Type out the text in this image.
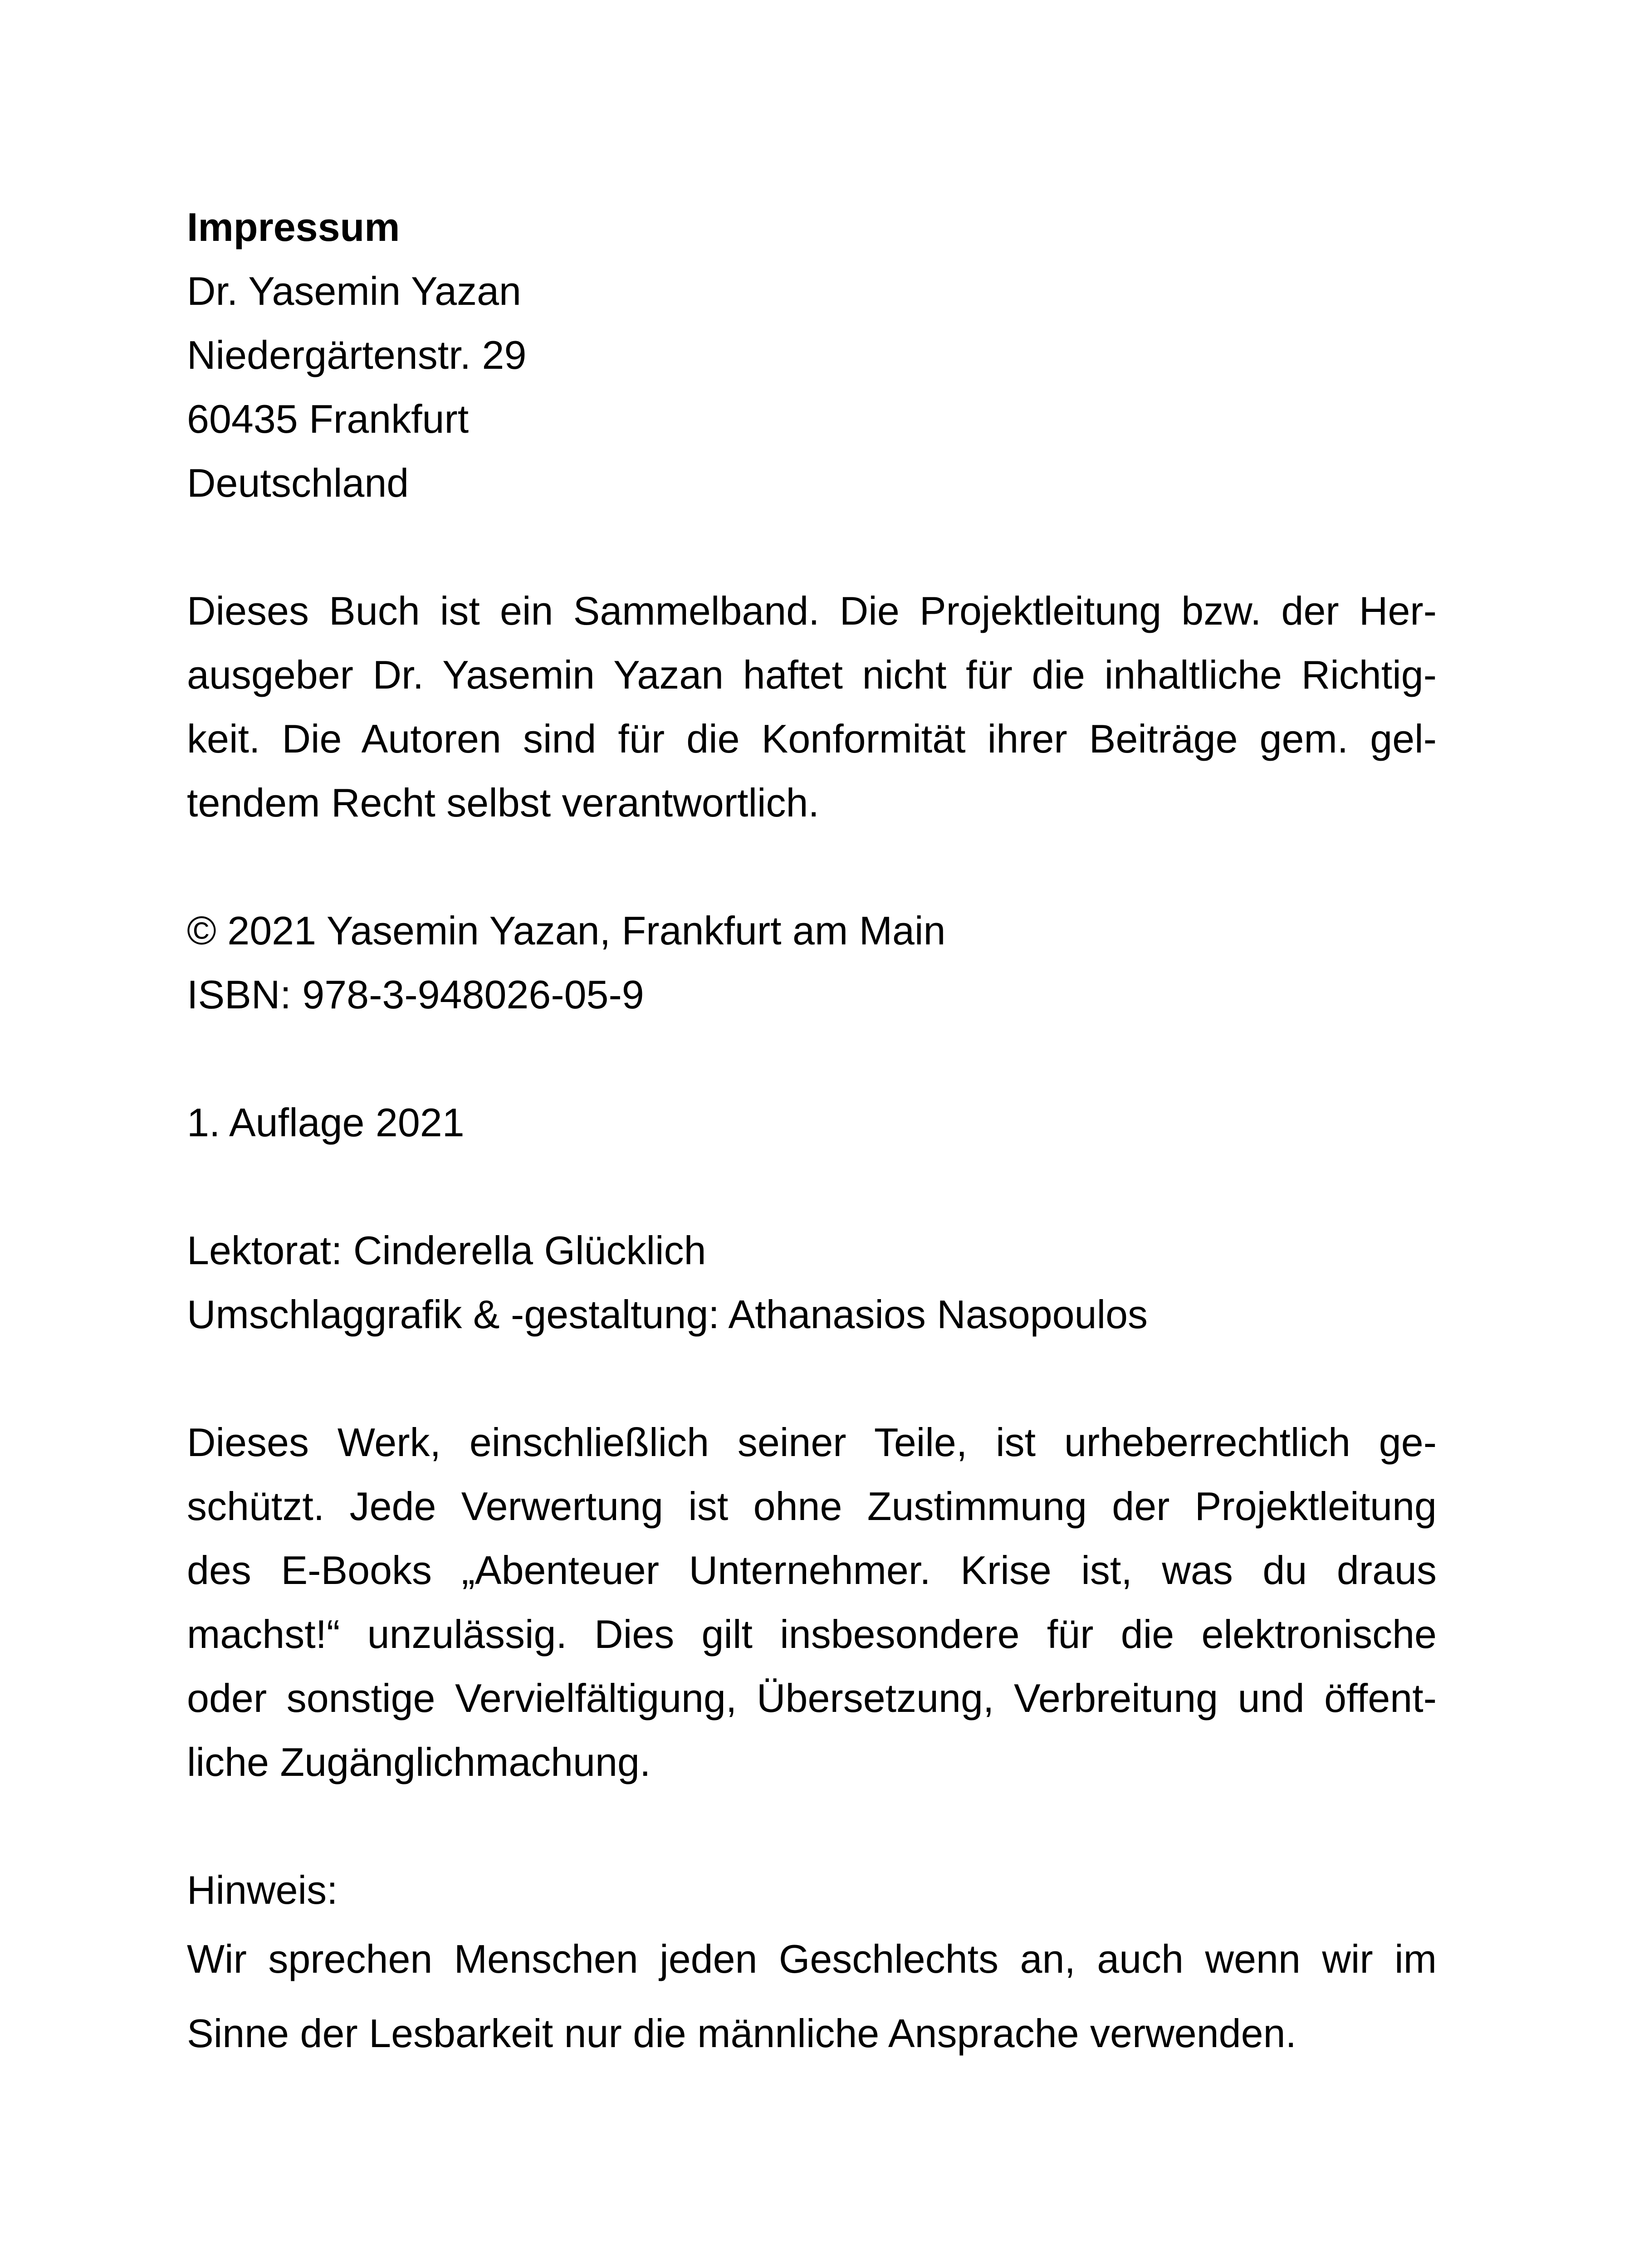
Impressum
Dr. Yasemin Yazan
Niedergärtenstr. 29
60435 Frankfurt
Deutschland
Dieses Buch ist ein Sammelband. Die Projektleitung bzw. der Her-
ausgeber Dr. Yasemin Yazan haftet nicht für die inhaltliche Richtig-
keit. Die Autoren sind für die Konformität ihrer Beiträge gem. gel-
tendem Recht selbst verantwortlich.
© 2021 Yasemin Yazan, Frankfurt am Main
ISBN: 978-3-948026-05-9
1. Auflage 2021
Lektorat: Cinderella Glücklich
Umschlaggrafik & -gestaltung: Athanasios Nasopoulos
Dieses Werk, einschließlich seiner Teile, ist urheberrechtlich ge-
schützt. Jede Verwertung ist ohne Zustimmung der Projektleitung
des E-Books „Abenteuer Unternehmer. Krise ist, was du draus
machst!“ unzulässig. Dies gilt insbesondere für die elektronische
oder sonstige Vervielfältigung, Übersetzung, Verbreitung und öffent-
liche Zugänglichmachung.
Hinweis:
Wir sprechen Menschen jeden Geschlechts an, auch wenn wir im
Sinne der Lesbarkeit nur die männliche Ansprache verwenden.
